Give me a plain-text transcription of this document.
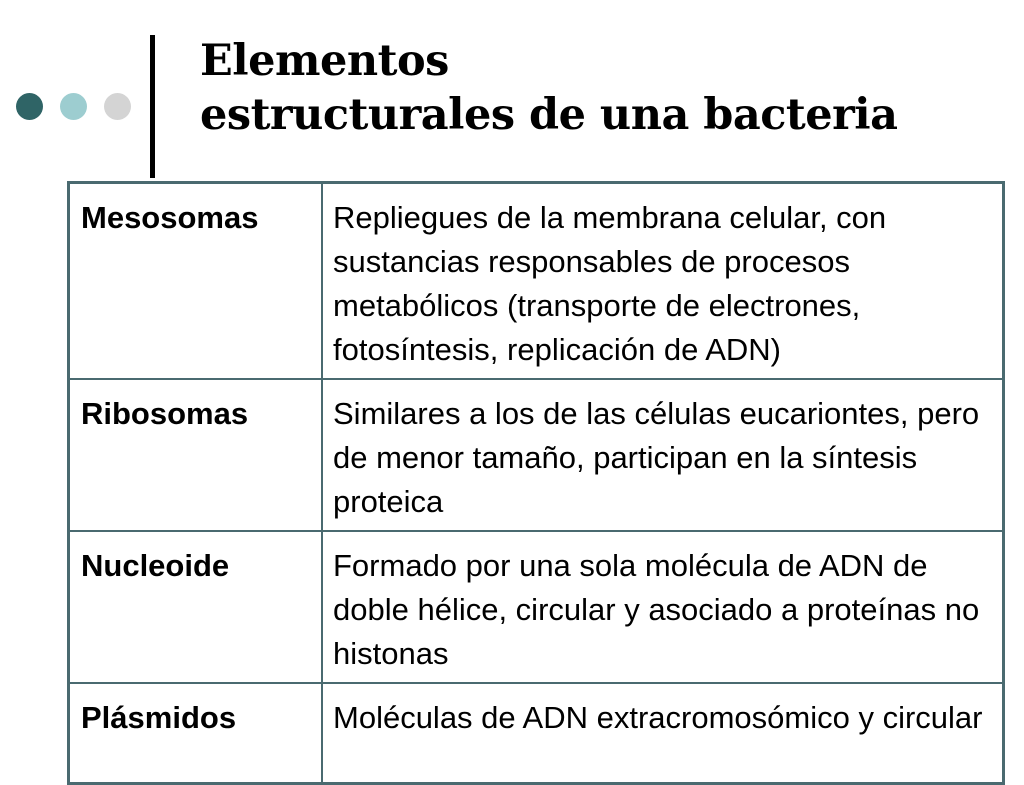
Elementos
estructurales de una bacteria
Mesosomas	Repliegues de la membrana celular, con sustancias responsables de procesos metabólicos (transporte de electrones, fotosíntesis, replicación de ADN)
Ribosomas	Similares a los de las células eucariontes, pero de menor tamaño, participan en la síntesis proteica
Nucleoide	Formado por una sola molécula de ADN de doble hélice, circular y asociado a proteínas no histonas
Plásmidos	Moléculas de ADN extracromosómico y circular
